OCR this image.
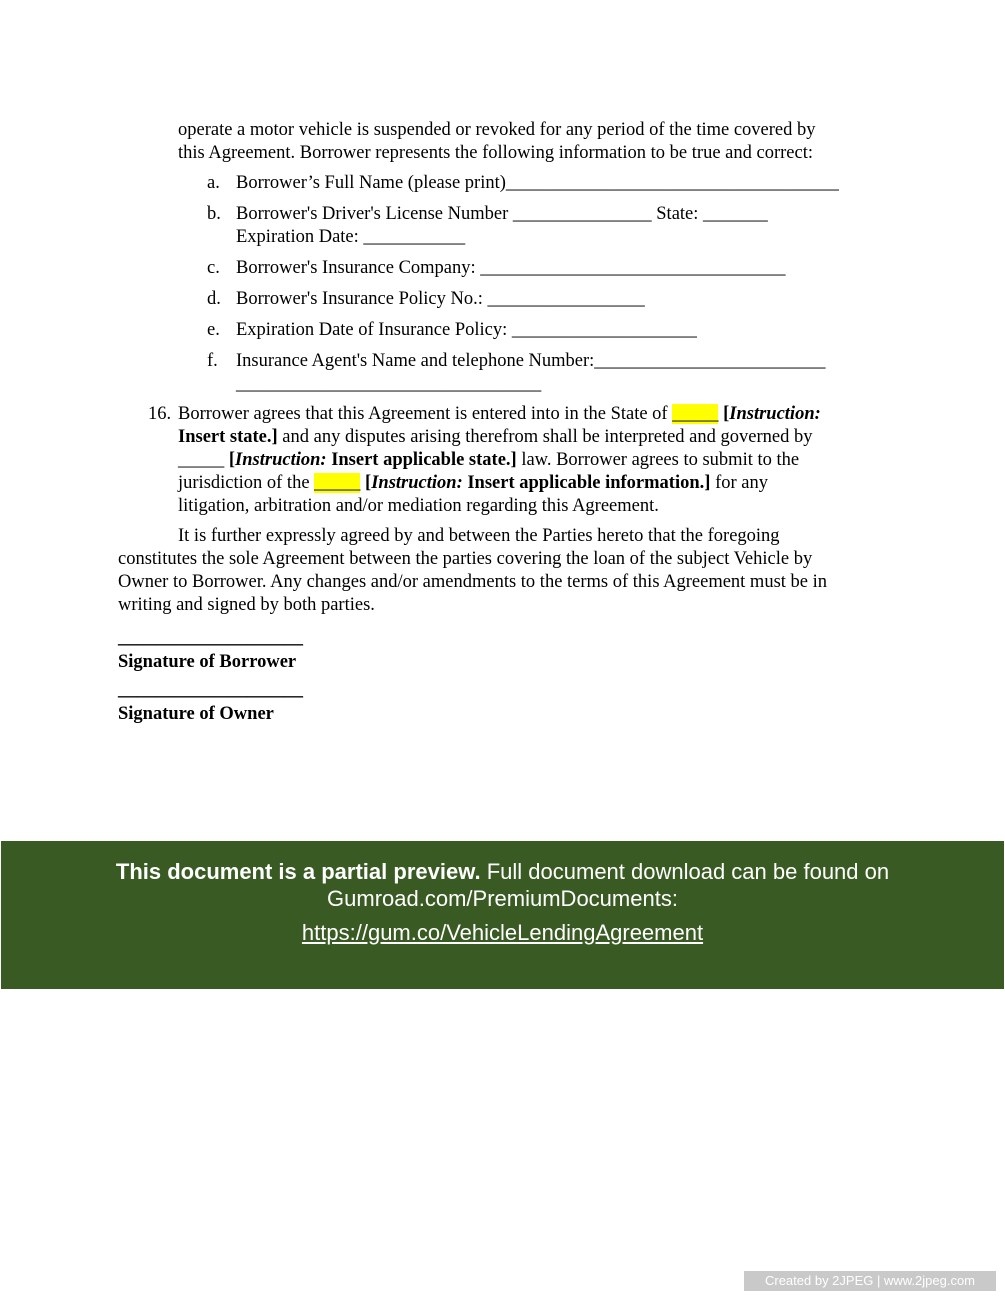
operate a motor vehicle is suspended or revoked for any period of the time covered by
this Agreement. Borrower represents the following information to be true and correct:
a. Borrower’s Full Name (please print)____________________________________
b. Borrower's Driver's License Number _______________ State: _______
Expiration Date: ___________
c. Borrower's Insurance Company: _________________________________
d. Borrower's Insurance Policy No.: _________________
e. Expiration Date of Insurance Policy: ____________________
f. Insurance Agent's Name and telephone Number:_________________________
_________________________________
16. Borrower agrees that this Agreement is entered into in the State of _____ [Instruction:
Insert state.] and any disputes arising therefrom shall be interpreted and governed by
_____ [Instruction: Insert applicable state.] law. Borrower agrees to submit to the
jurisdiction of the _____ [Instruction: Insert applicable information.] for any
litigation, arbitration and/or mediation regarding this Agreement.
It is further expressly agreed by and between the Parties hereto that the foregoing
constitutes the sole Agreement between the parties covering the loan of the subject Vehicle by
Owner to Borrower. Any changes and/or amendments to the terms of this Agreement must be in
writing and signed by both parties.
____________________
Signature of Borrower
____________________
Signature of Owner
This document is a partial preview. Full document download can be found on
Gumroad.com/PremiumDocuments:
https://gum.co/VehicleLendingAgreement
Created by 2JPEG | www.2jpeg.com
